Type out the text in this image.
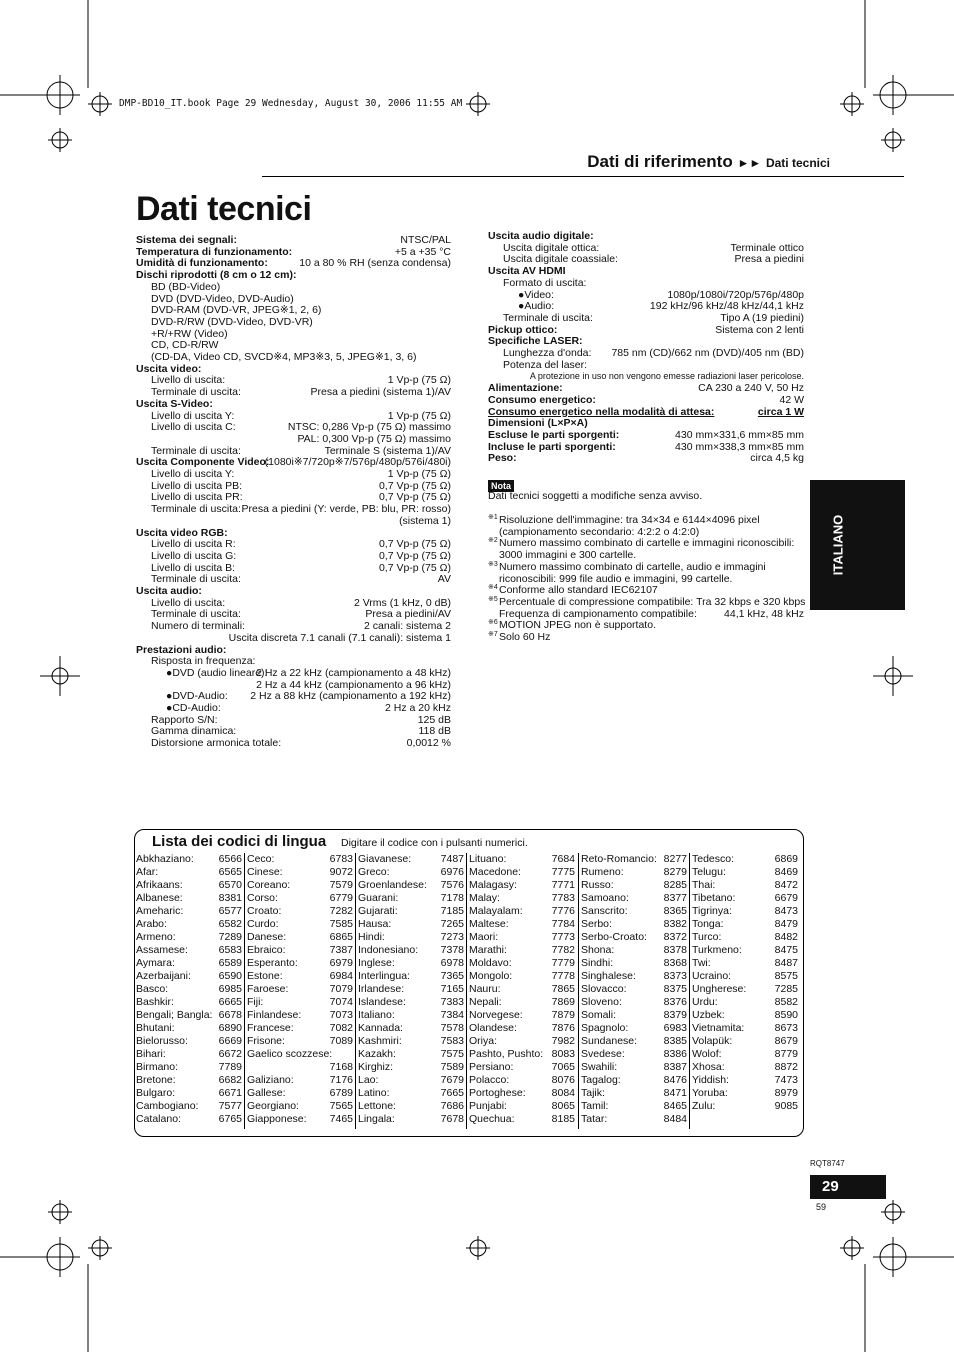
DMP-BD10_IT.book Page 29 Wednesday, August 30, 2006 11:55 AM
Dati di riferimento ►► Dati tecnici
Dati tecnici
Nota
Dati tecnici soggetti a modifiche senza avviso.
ITALIANO
Lista dei codici di lingua Digitare il codice con i pulsanti numerici.
Abkhaziano: 6566
Afar:	6565
Afrikaans:	6570
Albanese:	8381
Ameharic:	6577
Arabo:	6582
Armeno:	7289
Assamese:	6583
Aymara:	6589
Azerbaijani:	6590
Basco:	6985
Bashkir:	6665
Bengali; Bangla: 6678
Bhutani:	6890
Bielorusso:	6669
Bihari:	6672
Birmano:	7789
Bretone:	6682
Bulgaro:	6671
Cambogiano: 7577
Catalano:	6765
Ceco:	6783
Cinese:	9072
Coreano:	7579
Corso:	6779
Croato:	7282
Curdo:	7585
Danese:	6865
Ebraico:	7387
Esperanto:	6979
Estone:	6984
Faroese:	7079
Fiji:	7074
Finlandese:	7073
Francese:	7082
Frisone:	7089
Gaelico scozzese:
7168
Galiziano:	7176
Gallese:	6789
Georgiano:	7565
Giapponese: 7465
Giavanese:	7487
Greco:	6976
Groenlandese: 7576
Guarani:	7178
Gujarati:	7185
Hausa:	7265
Hindi:	7273
Indonesiano: 7378
Inglese:	6978
Interlingua:	7365
Irlandese:	7165
Islandese:	7383
Italiano:	7384
Kannada:	7578
Kashmiri:	7583
Kazakh:	7575
Kirghiz:	7589
Lao:	7679
Latino:	7665
Lettone:	7686
Lingala:	7678
Lituano:	7684
Macedone:	7775
Malagasy:	7771
Malay:	7783
Malayalam:	7776
Maltese:	7784
Maori:	7773
Marathi:	7782
Moldavo:	7779
Mongolo:	7778
Nauru:	7865
Nepali:	7869
Norvegese:	7879
Olandese:	7876
Oriya:	7982
Pashto, Pushto: 8083
Persiano:	7065
Polacco:	8076
Portoghese: 8084
Punjabi:	8065
Quechua:	8185
Reto-Romancio: 8277
Rumeno:	8279
Russo:	8285
Samoano:	8377
Sanscrito:	8365
Serbo:	8382
Serbo-Croato: 8372
Shona:	8378
Sindhi:	8368
Singhalese:	8373
Slovacco:	8375
Sloveno:	8376
Somali:	8379
Spagnolo:	6983
Sundanese:	8385
Svedese:	8386
Swahili:	8387
Tagalog:	8476
Tajik:	8471
Tamil:	8465
Tatar:	8484
Tedesco:	6869
Telugu:	8469
Thai:	8472
Tibetano:	6679
Tigrinya:	8473
Tonga:	8479
Turco:	8482
Turkmeno:	8475
Twi:	8487
Ucraino:	8575
Ungherese:	7285
Urdu:	8582
Uzbek:	8590
Vietnamita:	8673
Volapük:	8679
Wolof:	8779
Xhosa:	8872
Yiddish:	7473
Yoruba:	8979
Zulu:	9085
RQT8747
29
59
Sistema dei segnali:	NTSC/PAL
Temperatura di funzionamento:	+5 a +35 °C
Umidità di funzionamento:	10 a 80 % RH (senza condensa)
Dischi riprodotti (8 cm o 12 cm):
BD (BD-Video)
DVD (DVD-Video, DVD-Audio)
DVD-RAM (DVD-VR, JPEG※1, 2, 6)
DVD-R/RW (DVD-Video, DVD-VR)
+R/+RW (Video)
CD, CD-R/RW
(CD-DA, Video CD, SVCD※4, MP3※3, 5, JPEG※1, 3, 6)
Uscita video:
Livello di uscita:	1 Vp-p (75 Ω)
Terminale di uscita:	Presa a piedini (sistema 1)/AV
Uscita S-Video:
Livello di uscita Y:	1 Vp-p (75 Ω)
Livello di uscita C:	NTSC: 0,286 Vp-p (75 Ω) massimo
PAL: 0,300 Vp-p (75 Ω) massimo
Terminale di uscita:	Terminale S (sistema 1)/AV
Uscita Componente Video:
(1080i※7/720p※7/576p/480p/576i/480i)
Livello di uscita Y:	1 Vp-p (75 Ω)
Livello di uscita PB:	0,7 Vp-p (75 Ω)
Livello di uscita PR:	0,7 Vp-p (75 Ω)
Terminale di uscita: Presa a piedini (Y: verde, PB: blu, PR: rosso)
(sistema 1)
Uscita video RGB:
Livello di uscita R:	0,7 Vp-p (75 Ω)
Livello di uscita G:	0,7 Vp-p (75 Ω)
Livello di uscita B:	0,7 Vp-p (75 Ω)
Terminale di uscita:	AV
Uscita audio:
Livello di uscita:	2 Vrms (1 kHz, 0 dB)
Terminale di uscita:	Presa a piedini/AV
Numero di terminali:	2 canali: sistema 2
Uscita discreta 7.1 canali (7.1 canali): sistema 1
Prestazioni audio:
Risposta in frequenza:
●DVD (audio lineare):
2 Hz a 22 kHz (campionamento a 48 kHz)
2 Hz a 44 kHz (campionamento a 96 kHz)
●DVD-Audio: 2 Hz a 88 kHz (campionamento a 192 kHz)
●CD-Audio:	2 Hz a 20 kHz
Rapporto S/N:	125 dB
Gamma dinamica:	118 dB
Distorsione armonica totale:	0,0012 %
Uscita audio digitale:
Uscita digitale ottica:	Terminale ottico
Uscita digitale coassiale:	Presa a piedini
Uscita AV HDMI
Formato di uscita:
●Video:	1080p/1080i/720p/576p/480p
●Audio:	192 kHz/96 kHz/48 kHz/44,1 kHz
Terminale di uscita:	Tipo A (19 piedini)
Pickup ottico:	Sistema con 2 lenti
Specifiche LASER:
Lunghezza d'onda: 785 nm (CD)/662 nm (DVD)/405 nm (BD)
Potenza del laser:
A protezione in uso non vengono emesse radiazioni laser pericolose.
Alimentazione:	CA 230 a 240 V, 50 Hz
Consumo energetico:	42 W
Consumo energetico nella modalità di attesa:	circa 1 W
Dimensioni (L×P×A)
Escluse le parti sporgenti:	430 mm×331,6 mm×85 mm
Incluse le parti sporgenti:	430 mm×338,3 mm×85 mm
Peso:	circa 4,5 kg
※1 Risoluzione dell'immagine: tra 34×34 e 6144×4096 pixel
(campionamento secondario: 4:2:2 o 4:2:0)
※2 Numero massimo combinato di cartelle e immagini riconoscibili:
3000 immagini e 300 cartelle.
※3 Numero massimo combinato di cartelle, audio e immagini
riconoscibili: 999 file audio e immagini, 99 cartelle.
※4 Conforme allo standard IEC62107
※5 Percentuale di compressione compatibile: Tra 32 kbps e 320 kbps
Frequenza di campionamento compatibile:	44,1 kHz, 48 kHz
※6 MOTION JPEG non è supportato.
※7 Solo 60 Hz
